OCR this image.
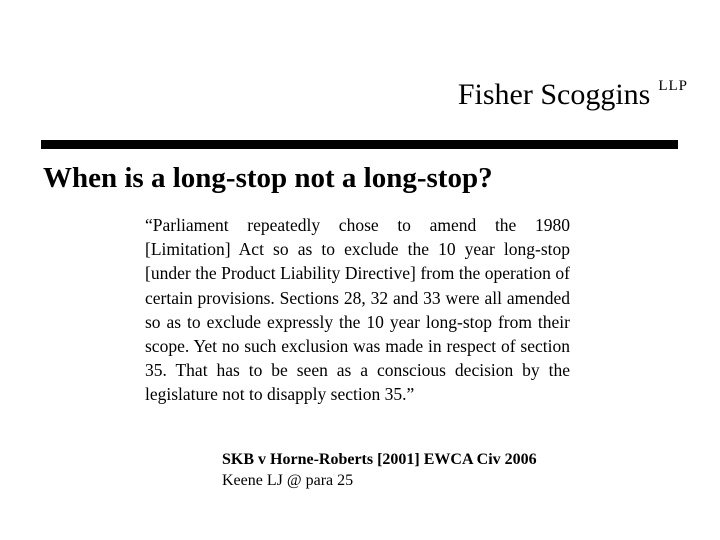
Fisher Scoggins LLP
When is a long-stop not a long-stop?

“Parliament repeatedly chose to amend the 1980 [Limitation] Act so as to exclude the 10 year long-stop [under the Product Liability Directive] from the operation of certain provisions. Sections 28, 32 and 33 were all amended so as to exclude expressly the 10 year long-stop from their scope. Yet no such exclusion was made in respect of section 35. That has to be seen as a conscious decision by the legislature not to disapply section 35.”

SKB v Horne-Roberts [2001] EWCA Civ 2006
Keene LJ @ para 25
